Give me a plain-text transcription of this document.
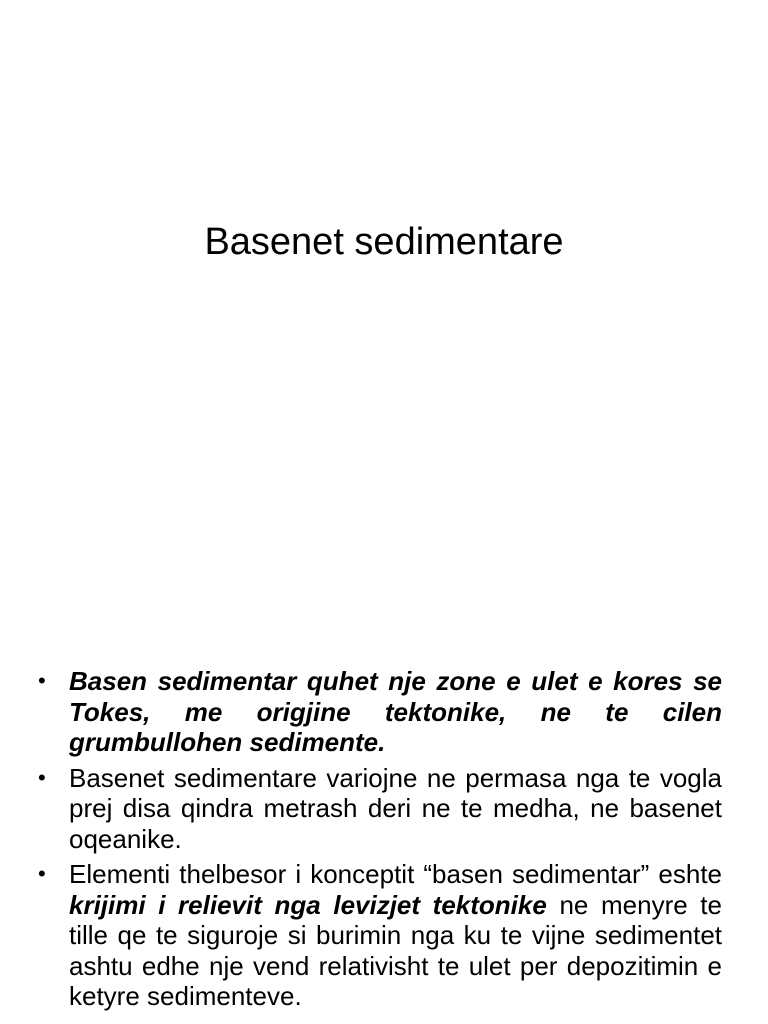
Basenet sedimentare
• Basen sedimentar quhet nje zone e ulet e kores se Tokes, me origjine tektonike, ne te cilen grumbullohen sedimente.
• Basenet sedimentare variojne ne permasa nga te vogla prej disa qindra metrash deri ne te medha, ne basenet oqeanike.
• Elementi thelbesor i konceptit “basen sedimentar” eshte krijimi i relievit nga levizjet tektonike ne menyre te tille qe te siguroje si burimin nga ku te vijne sedimentet ashtu edhe nje vend relativisht te ulet per depozitimin e ketyre sedimenteve.
